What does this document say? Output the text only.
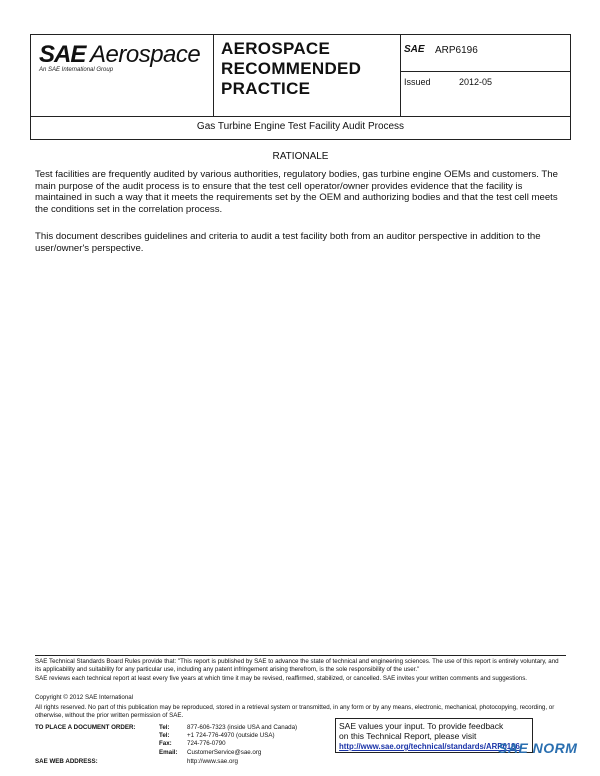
SAE Aerospace
An SAE International Group
AEROSPACE
RECOMMENDED
PRACTICE
SAE ARP6196
Issued	2012-05
Gas Turbine Engine Test Facility Audit Process
RATIONALE
Test facilities are frequently audited by various authorities, regulatory bodies, gas turbine engine OEMs and customers. The main purpose of the audit process is to ensure that the test cell operator/owner provides evidence that the facility is maintained in such a way that it meets the requirements set by the OEM and authorizing bodies and that the test cell meets the conditions set in the correlation process.
This document describes guidelines and criteria to audit a test facility both from an auditor perspective in addition to the user/owner's perspective.
SAE Technical Standards Board Rules provide that: "This report is published by SAE to advance the state of technical and engineering sciences. The use of this report is entirely voluntary, and its applicability and suitability for any particular use, including any patent infringement arising therefrom, is the sole responsibility of the user."
SAE reviews each technical report at least every five years at which time it may be revised, reaffirmed, stabilized, or cancelled. SAE invites your written comments and suggestions.
Copyright © 2012 SAE International
All rights reserved. No part of this publication may be reproduced, stored in a retrieval system or transmitted, in any form or by any means, electronic, mechanical, photocopying, recording, or otherwise, without the prior written permission of SAE.
TO PLACE A DOCUMENT ORDER:	Tel:	877-606-7323 (inside USA and Canada)
Tel:	+1 724-776-4970 (outside USA)
Fax: 724-776-0790
Email: CustomerService@sae.org
SAE WEB ADDRESS:	http://www.sae.org
SAE values your input. To provide feedback
on this Technical Report, please visit
http://www.sae.org/technical/standards/ARP6196
SAE NORM
